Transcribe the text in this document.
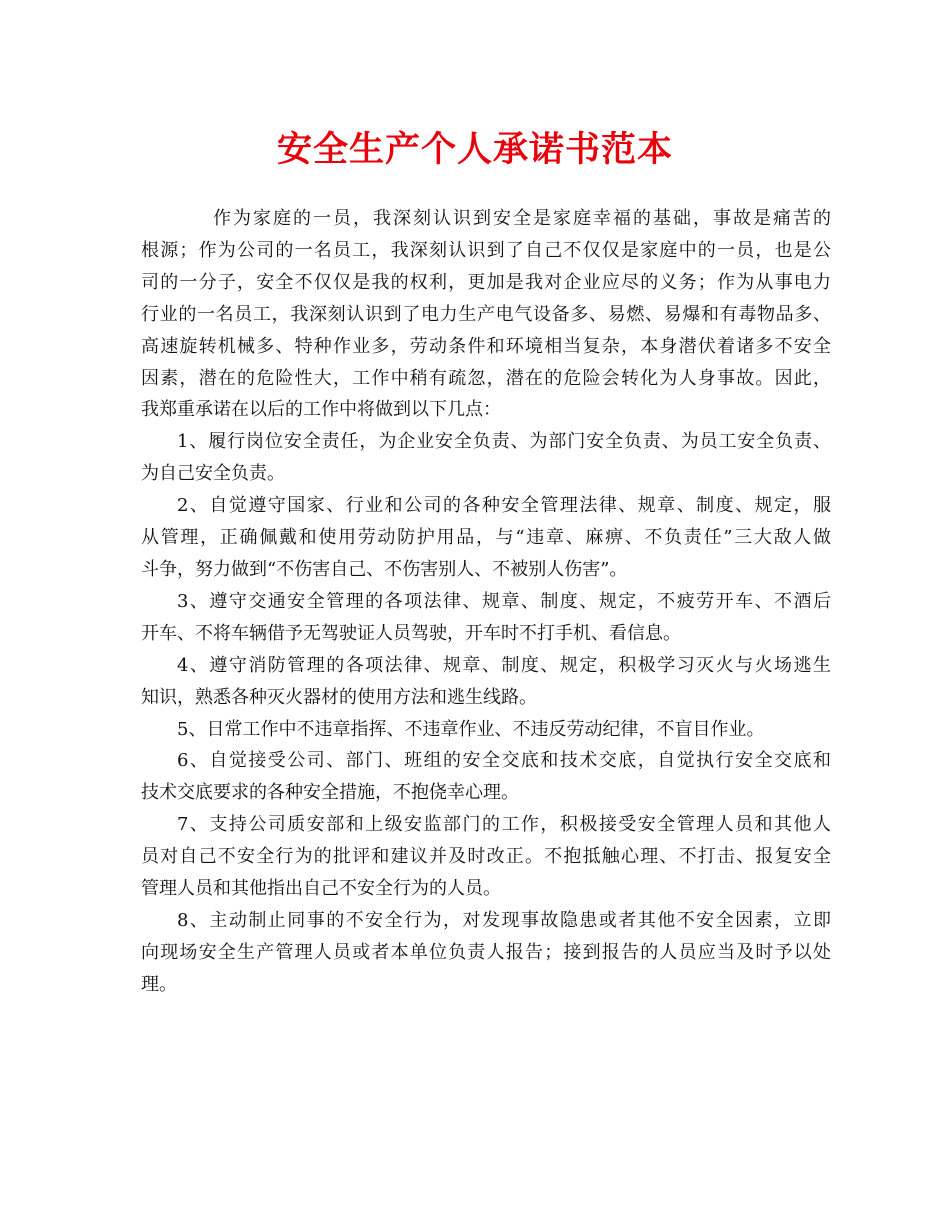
安全生产个人承诺书范本
作为家庭的一员，我深刻认识到安全是家庭幸福的基础，事故是痛苦的
根源；作为公司的一名员工，我深刻认识到了自己不仅仅是家庭中的一员，也是公
司的一分子，安全不仅仅是我的权利，更加是我对企业应尽的义务；作为从事电力
行业的一名员工，我深刻认识到了电力生产电气设备多、易燃、易爆和有毒物品多、
高速旋转机械多、特种作业多，劳动条件和环境相当复杂，本身潜伏着诸多不安全
因素，潜在的危险性大，工作中稍有疏忽，潜在的危险会转化为人身事故。因此，
我郑重承诺在以后的工作中将做到以下几点：
1、履行岗位安全责任，为企业安全负责、为部门安全负责、为员工安全负责、
为自己安全负责。
2、自觉遵守国家、行业和公司的各种安全管理法律、规章、制度、规定，服
从管理，正确佩戴和使用劳动防护用品，与“违章、麻痹、不负责任”三大敌人做
斗争，努力做到“不伤害自己、不伤害别人、不被别人伤害”。
3、遵守交通安全管理的各项法律、规章、制度、规定，不疲劳开车、不酒后
开车、不将车辆借予无驾驶证人员驾驶，开车时不打手机、看信息。
4、遵守消防管理的各项法律、规章、制度、规定，积极学习灭火与火场逃生
知识，熟悉各种灭火器材的使用方法和逃生线路。
5、日常工作中不违章指挥、不违章作业、不违反劳动纪律，不盲目作业。
6、自觉接受公司、部门、班组的安全交底和技术交底，自觉执行安全交底和
技术交底要求的各种安全措施，不抱侥幸心理。
7、支持公司质安部和上级安监部门的工作，积极接受安全管理人员和其他人
员对自己不安全行为的批评和建议并及时改正。不抱抵触心理、不打击、报复安全
管理人员和其他指出自己不安全行为的人员。
8、主动制止同事的不安全行为，对发现事故隐患或者其他不安全因素，立即
向现场安全生产管理人员或者本单位负责人报告；接到报告的人员应当及时予以处
理。
